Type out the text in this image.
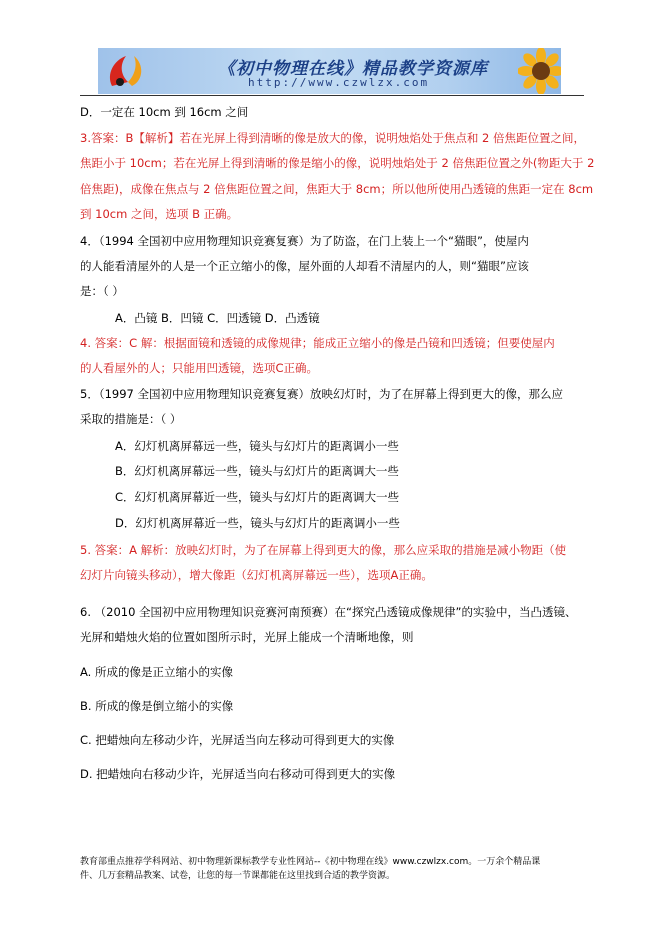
《初中物理在线》精品教学资源库
http://www.czwlzx.com
D．一定在 10cm 到 16cm 之间
3.答案：B【解析】若在光屏上得到清晰的像是放大的像，说明烛焰处于焦点和 2 倍焦距位置之间，
焦距小于 10cm；若在光屏上得到清晰的像是缩小的像，说明烛焰处于 2 倍焦距位置之外(物距大于 2
倍焦距)，成像在焦点与 2 倍焦距位置之间，焦距大于 8cm；所以他所使用凸透镜的焦距一定在 8cm
到 10cm 之间，选项 B 正确。
4．（1994 全国初中应用物理知识竞赛复赛）为了防盗，在门上装上一个“猫眼”，使屋内
的人能看清屋外的人是一个正立缩小的像，屋外面的人却看不清屋内的人，则“猫眼”应该
是：（ ）
A．凸镜 B．凹镜 C．凹透镜 D．凸透镜
4. 答案：C 解：根据面镜和透镜的成像规律；能成正立缩小的像是凸镜和凹透镜；但要使屋内
的人看屋外的人；只能用凹透镜，选项C正确。
5．（1997 全国初中应用物理知识竞赛复赛）放映幻灯时，为了在屏幕上得到更大的像，那么应
采取的措施是：（ ）
A．幻灯机离屏幕远一些，镜头与幻灯片的距离调小一些
B．幻灯机离屏幕远一些，镜头与幻灯片的距离调大一些
C．幻灯机离屏幕近一些，镜头与幻灯片的距离调大一些
D．幻灯机离屏幕近一些，镜头与幻灯片的距离调小一些
5. 答案：A 解析：放映幻灯时，为了在屏幕上得到更大的像，那么应采取的措施是减小物距（使
幻灯片向镜头移动），增大像距（幻灯机离屏幕远一些），选项A正确。
6. （2010 全国初中应用物理知识竞赛河南预赛）在“探究凸透镜成像规律”的实验中，当凸透镜、
光屏和蜡烛火焰的位置如图所示时，光屏上能成一个清晰地像，则
A. 所成的像是正立缩小的实像
B. 所成的像是倒立缩小的实像
C. 把蜡烛向左移动少许，光屏适当向左移动可得到更大的实像
D. 把蜡烛向右移动少许，光屏适当向右移动可得到更大的实像
教育部重点推荐学科网站、初中物理新课标教学专业性网站--《初中物理在线》www.czwlzx.com。一万余个精品课
件、几万套精品教案、试卷，让您的每一节课都能在这里找到合适的教学资源。
